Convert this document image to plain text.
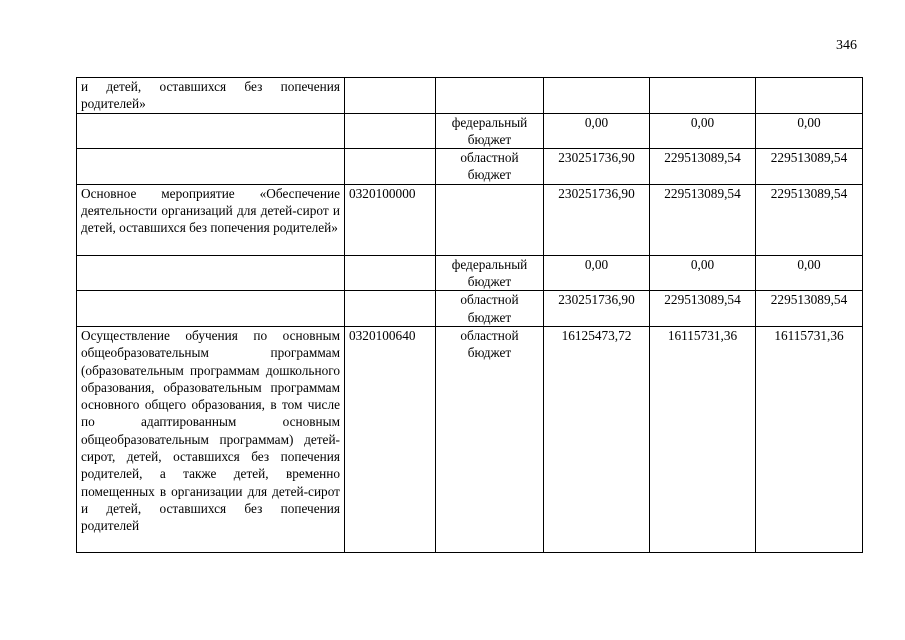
346
и детей, оставшихся без попечения родителей»					
		федеральный бюджет	0,00	0,00	0,00
		областной бюджет	230251736,90	229513089,54	229513089,54
Основное мероприятие «Обеспечение деятельности организаций для детей-сирот и детей, оставшихся без попечения родителей»	0320100000		230251736,90	229513089,54	229513089,54
		федеральный бюджет	0,00	0,00	0,00
		областной бюджет	230251736,90	229513089,54	229513089,54
Осуществление обучения по основным общеобразовательным программам (образовательным программам дошкольного образования, образовательным программам основного общего образования, в том числе по адаптированным основным общеобразовательным программам) детей-сирот, детей, оставшихся без попечения родителей, а также детей, временно помещенных в организации для детей-сирот и детей, оставшихся без попечения родителей	0320100640	областной бюджет	16125473,72	16115731,36	16115731,36
